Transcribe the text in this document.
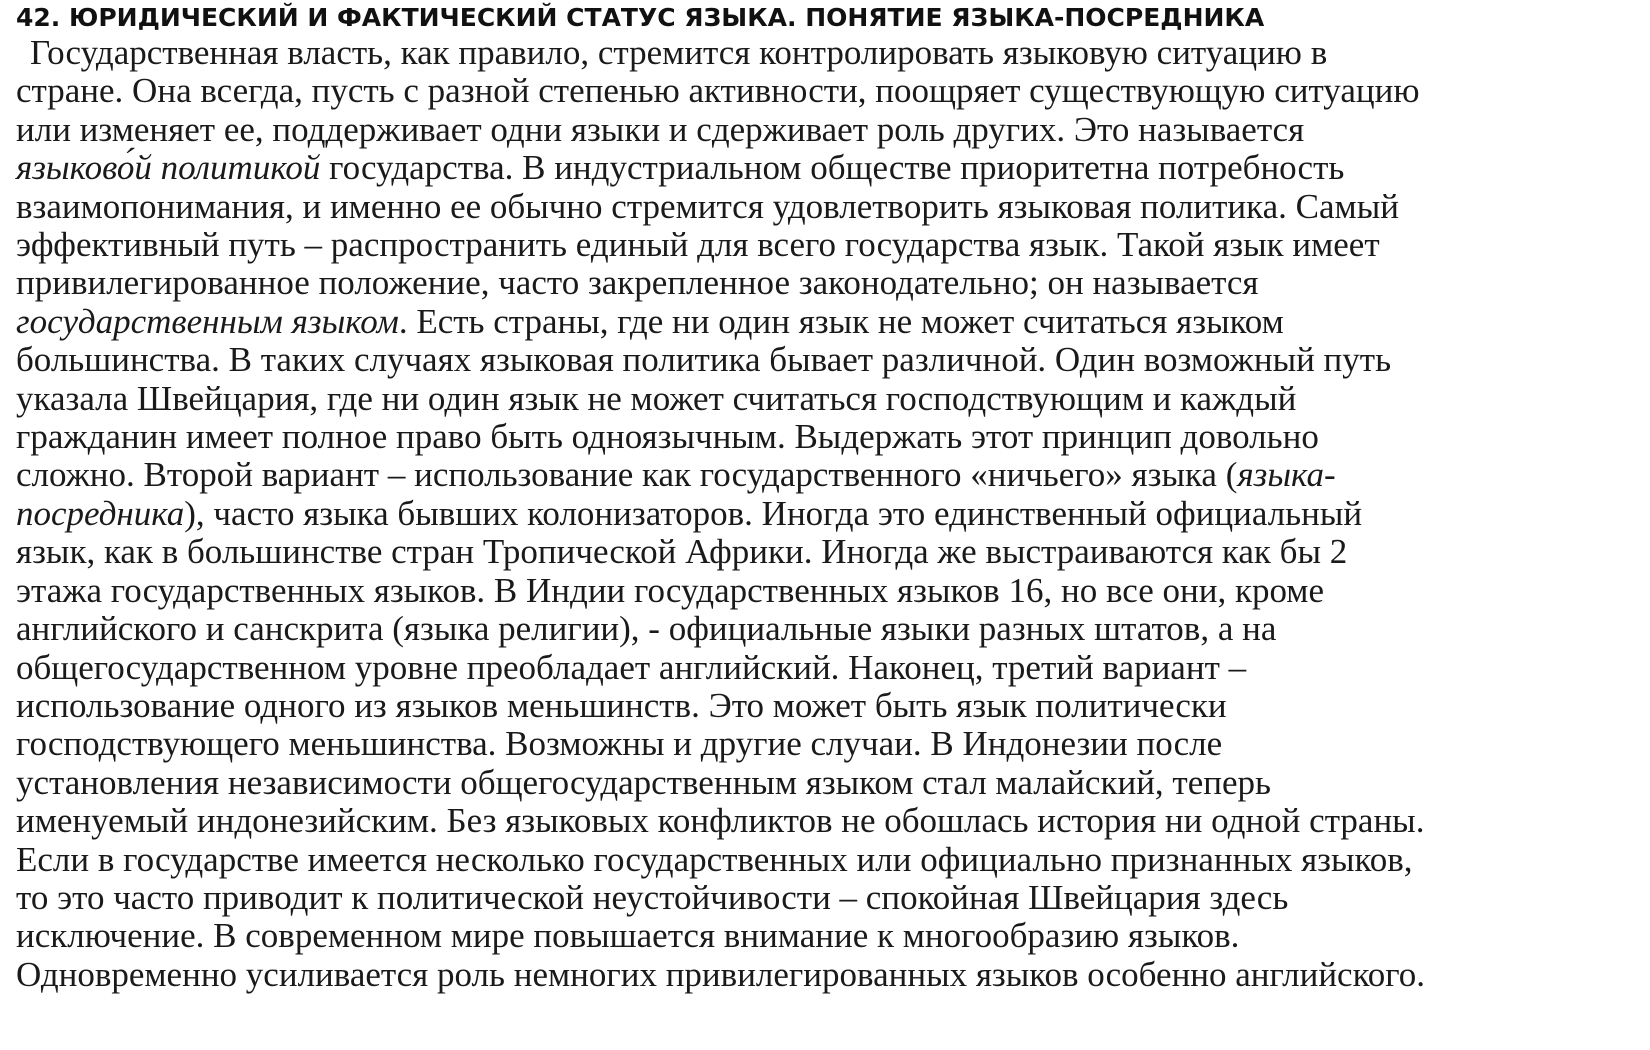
42. ЮРИДИЧЕСКИЙ И ФАКТИЧЕСКИЙ СТАТУС ЯЗЫКА. ПОНЯТИЕ ЯЗЫКА-ПОСРЕДНИКА
Государственная власть, как правило, стремится контролировать языковую ситуацию в
стране. Она всегда, пусть с разной степенью активности, поощряет существующую ситуацию
или изменяет ее, поддерживает одни языки и сдерживает роль других. Это называется
языково́й политикой государства. В индустриальном обществе приоритетна потребность
взаимопонимания, и именно ее обычно стремится удовлетворить языковая политика. Самый
эффективный путь – распространить единый для всего государства язык. Такой язык имеет
привилегированное положение, часто закрепленное законодательно; он называется
государственным языком. Есть страны, где ни один язык не может считаться языком
большинства. В таких случаях языковая политика бывает различной. Один возможный путь
указала Швейцария, где ни один язык не может считаться господствующим и каждый
гражданин имеет полное право быть одноязычным. Выдержать этот принцип довольно
сложно. Второй вариант – использование как государственного «ничьего» языка (языка-
посредника), часто языка бывших колонизаторов. Иногда это единственный официальный
язык, как в большинстве стран Тропической Африки. Иногда же выстраиваются как бы 2
этажа государственных языков. В Индии государственных языков 16, но все они, кроме
английского и санскрита (языка религии), - официальные языки разных штатов, а на
общегосударственном уровне преобладает английский. Наконец, третий вариант –
использование одного из языков меньшинств. Это может быть язык политически
господствующего меньшинства. Возможны и другие случаи. В Индонезии после
установления независимости общегосударственным языком стал малайский, теперь
именуемый индонезийским. Без языковых конфликтов не обошлась история ни одной страны.
Если в государстве имеется несколько государственных или официально признанных языков,
то это часто приводит к политической неустойчивости – спокойная Швейцария здесь
исключение. В современном мире повышается внимание к многообразию языков.
Одновременно усиливается роль немногих привилегированных языков особенно английского.
